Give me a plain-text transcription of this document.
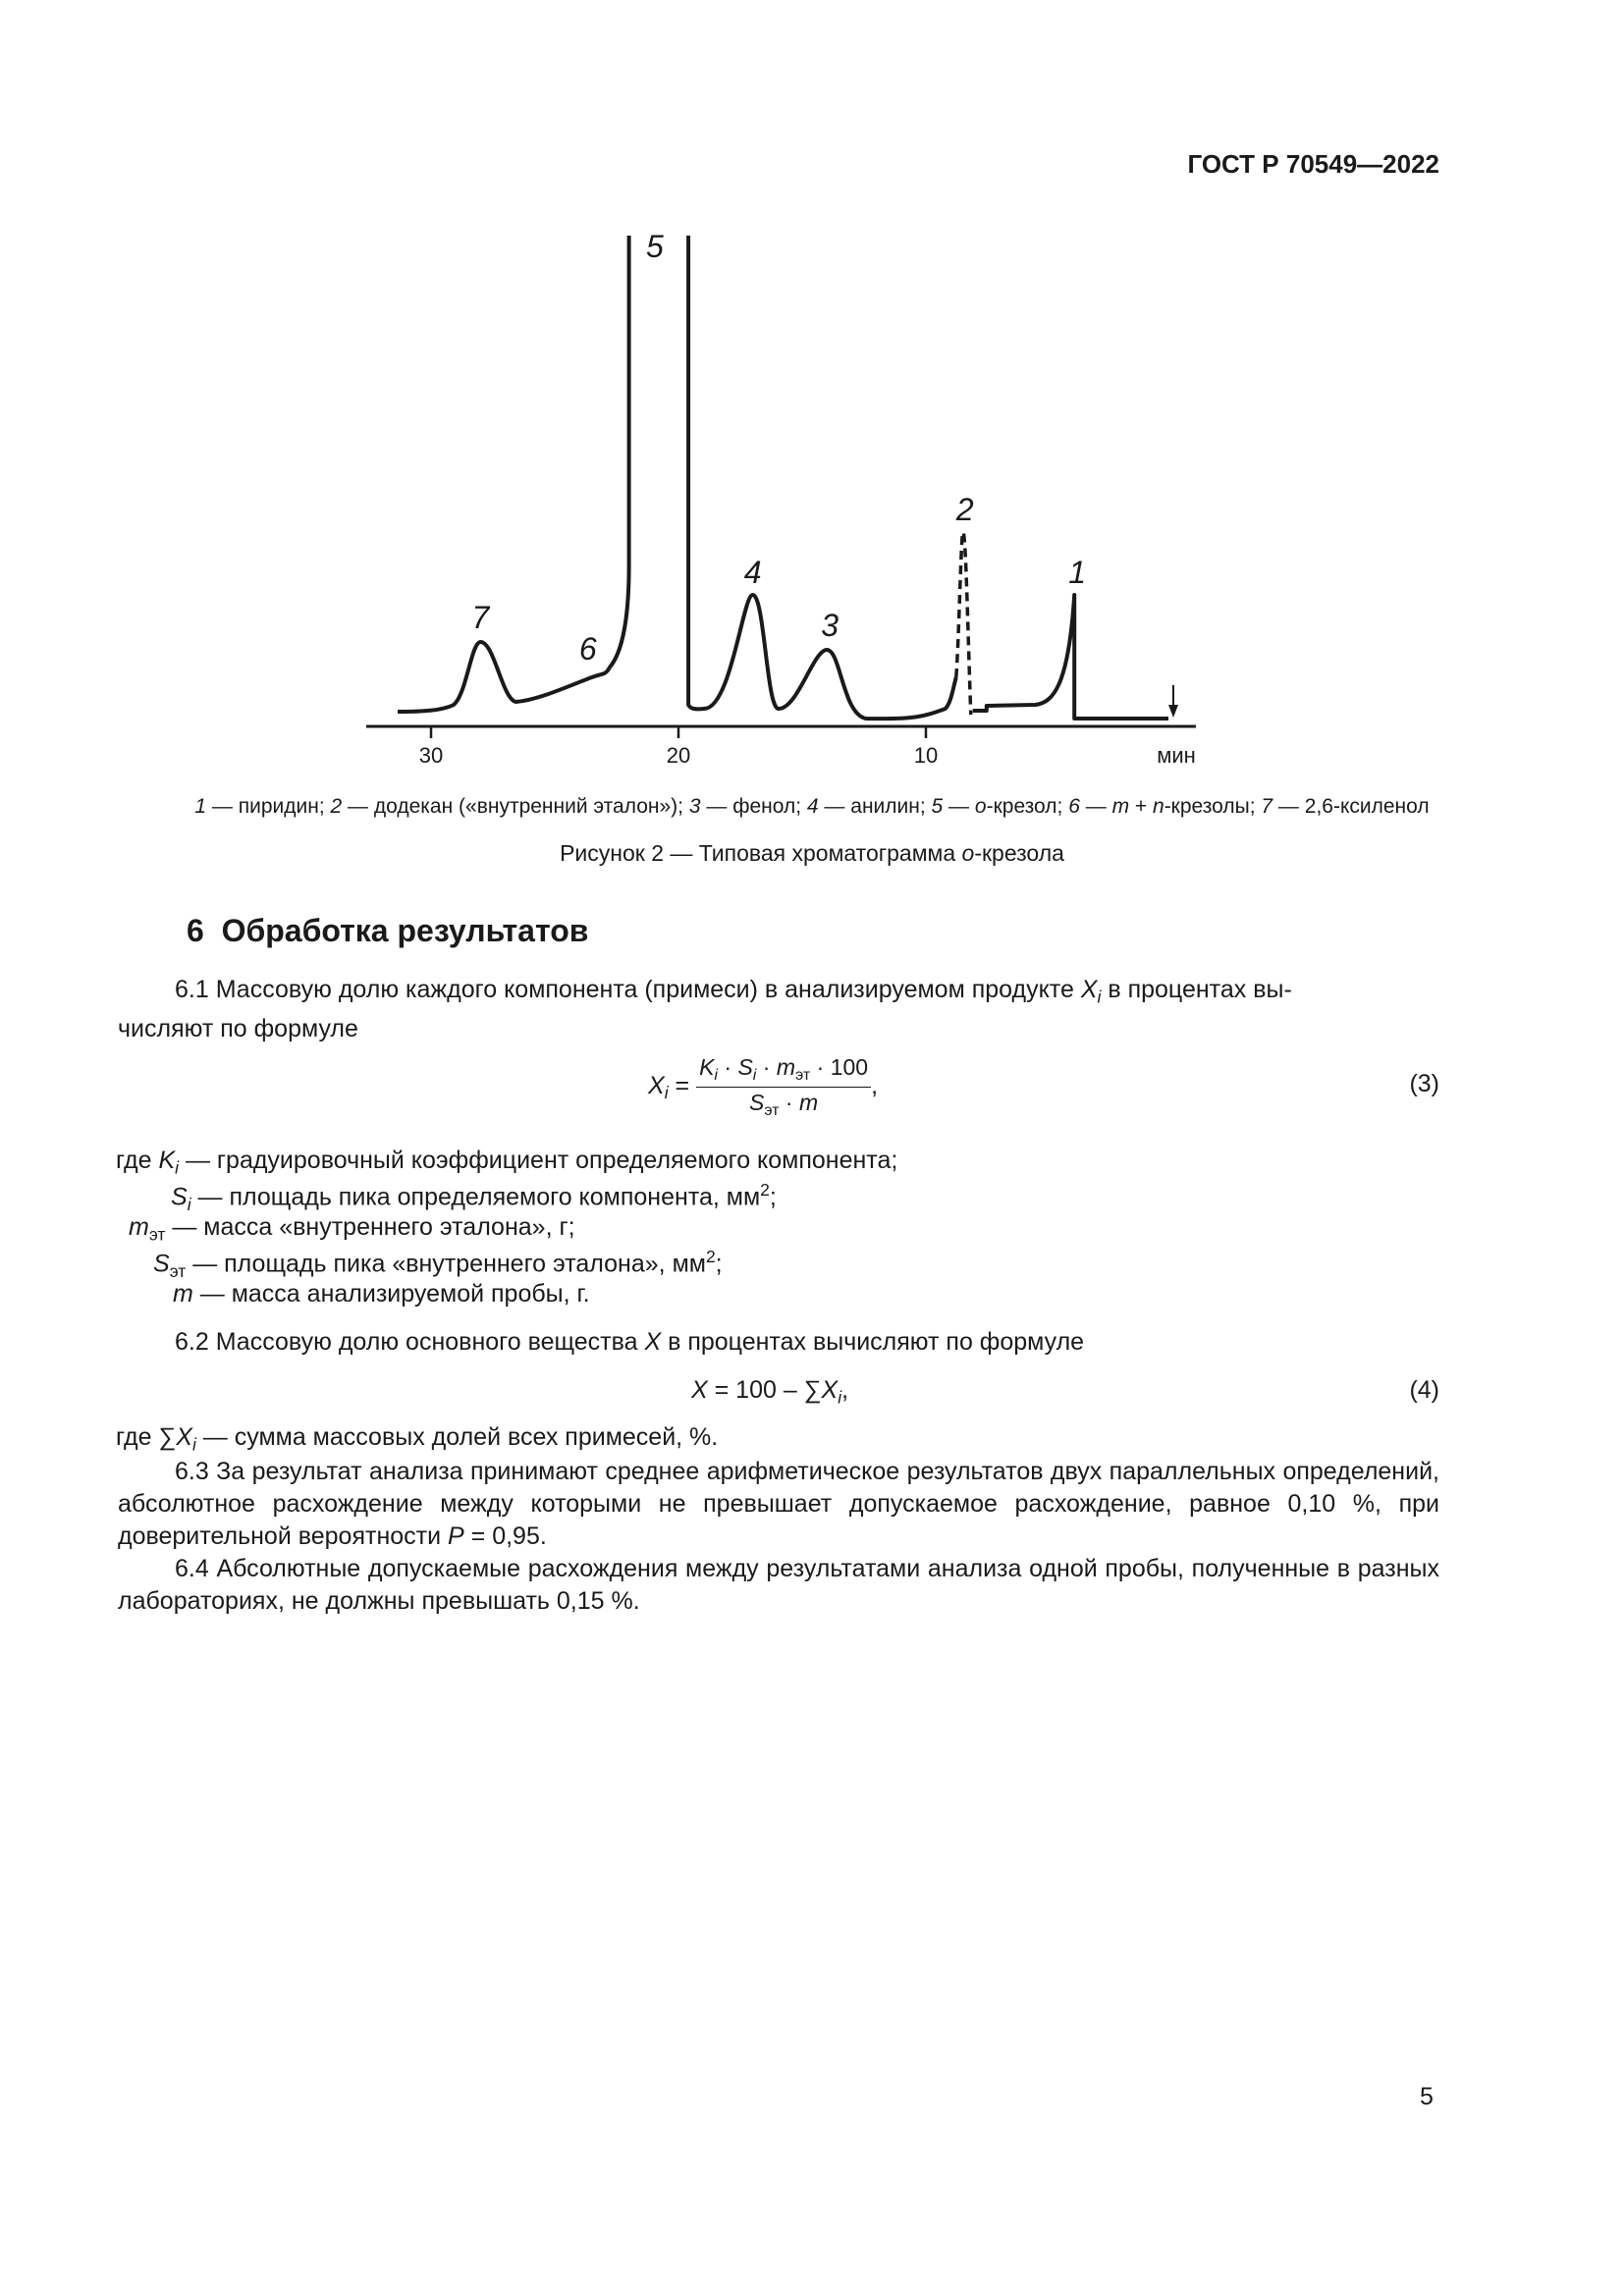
ГОСТ Р 70549—2022
30	20	10	мин
1
2
3
4
5
6
7
1 — пиридин; 2 — додекан («внутренний эталон»); 3 — фенол; 4 — анилин; 5 — о-крезол; 6 — m + n-крезолы; 7 — 2,6-ксиленол
Рисунок 2 — Типовая хроматограмма о-крезола
6 Обработка результатов
6.1 Массовую долю каждого компонента (примеси) в анализируемом продукте $X_i$ в процентах вы-
числяют по формуле
$X_i = \frac{K_i \cdot S_i \cdot m_{эт} \cdot 100}{S_{эт} \cdot m}$ ,	(3)
где $K_i$ — градуировочный коэффициент определяемого компонента;
$S_i$ — площадь пика определяемого компонента, $мм^2$;
$m_{эт}$ — масса «внутреннего эталона», г;
$S_{эт}$ — площадь пика «внутреннего эталона», $мм^2$;
m — масса анализируемой пробы, г.
6.2 Массовую долю основного вещества X в процентах вычисляют по формуле
$X = 100 - \sum X_i$,	(4)
где $\sum X_i$ — сумма массовых долей всех примесей, %.
6.3 За результат анализа принимают среднее арифметическое результатов двух параллельных определений, абсолютное расхождение между которыми не превышает допускаемое расхождение, равное 0,10 %, при доверительной вероятности P = 0,95.
6.4 Абсолютные допускаемые расхождения между результатами анализа одной пробы, полученные в разных лабораториях, не должны превышать 0,15 %.
5
